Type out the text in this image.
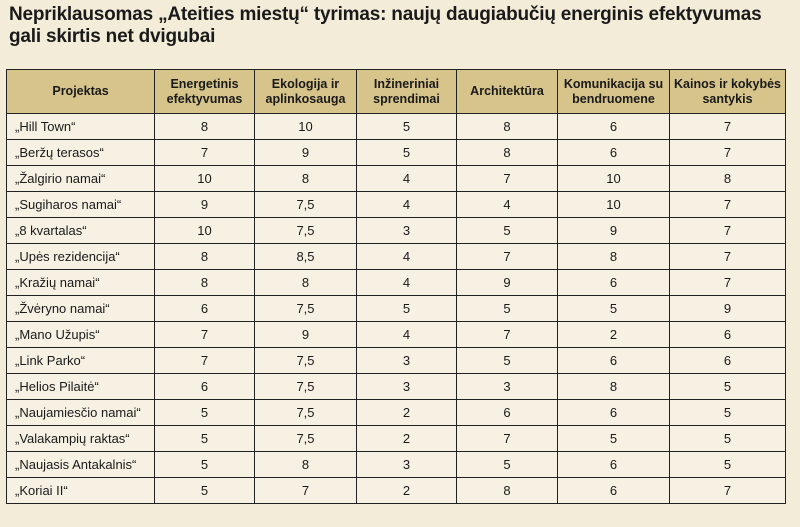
Nepriklausomas „Ateities miestų“ tyrimas: naujų daugiabučių energinis efektyvumas gali skirtis net dvigubai
Projektas	Energetinis efektyvumas	Ekologija ir aplinkosauga	Inžineriniai sprendimai	Architektūra	Komunikacija su bendruomene	Kainos ir kokybės santykis
„Hill Town“	8	10	5	8	6	7
„Beržų terasos“	7	9	5	8	6	7
„Žalgirio namai“	10	8	4	7	10	8
„Sugiharos namai“	9	7,5	4	4	10	7
„8 kvartalas“	10	7,5	3	5	9	7
„Upės rezidencija“	8	8,5	4	7	8	7
„Kražių namai“	8	8	4	9	6	7
„Žvėryno namai“	6	7,5	5	5	5	9
„Mano Užupis“	7	9	4	7	2	6
„Link Parko“	7	7,5	3	5	6	6
„Helios Pilaitė“	6	7,5	3	3	8	5
„Naujamiesčio namai“	5	7,5	2	6	6	5
„Valakampių raktas“	5	7,5	2	7	5	5
„Naujasis Antakalnis“	5	8	3	5	6	5
„Koriai II“	5	7	2	8	6	7
